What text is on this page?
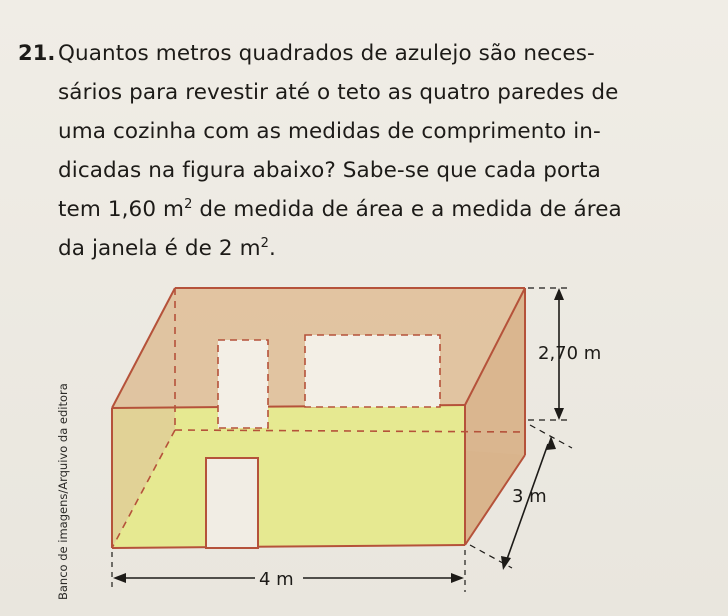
21. Quantos metros quadrados de azulejo são neces-
sários para revestir até o teto as quatro paredes de
uma cozinha com as medidas de comprimento in-
dicadas na figura abaixo? Sabe-se que cada porta
tem 1,60 $m^2$ de medida de área e a medida de área
da janela é de 2 $m^2$.
2,70 m
3 m
4 m
Banco de imagens/Arquivo da editora
